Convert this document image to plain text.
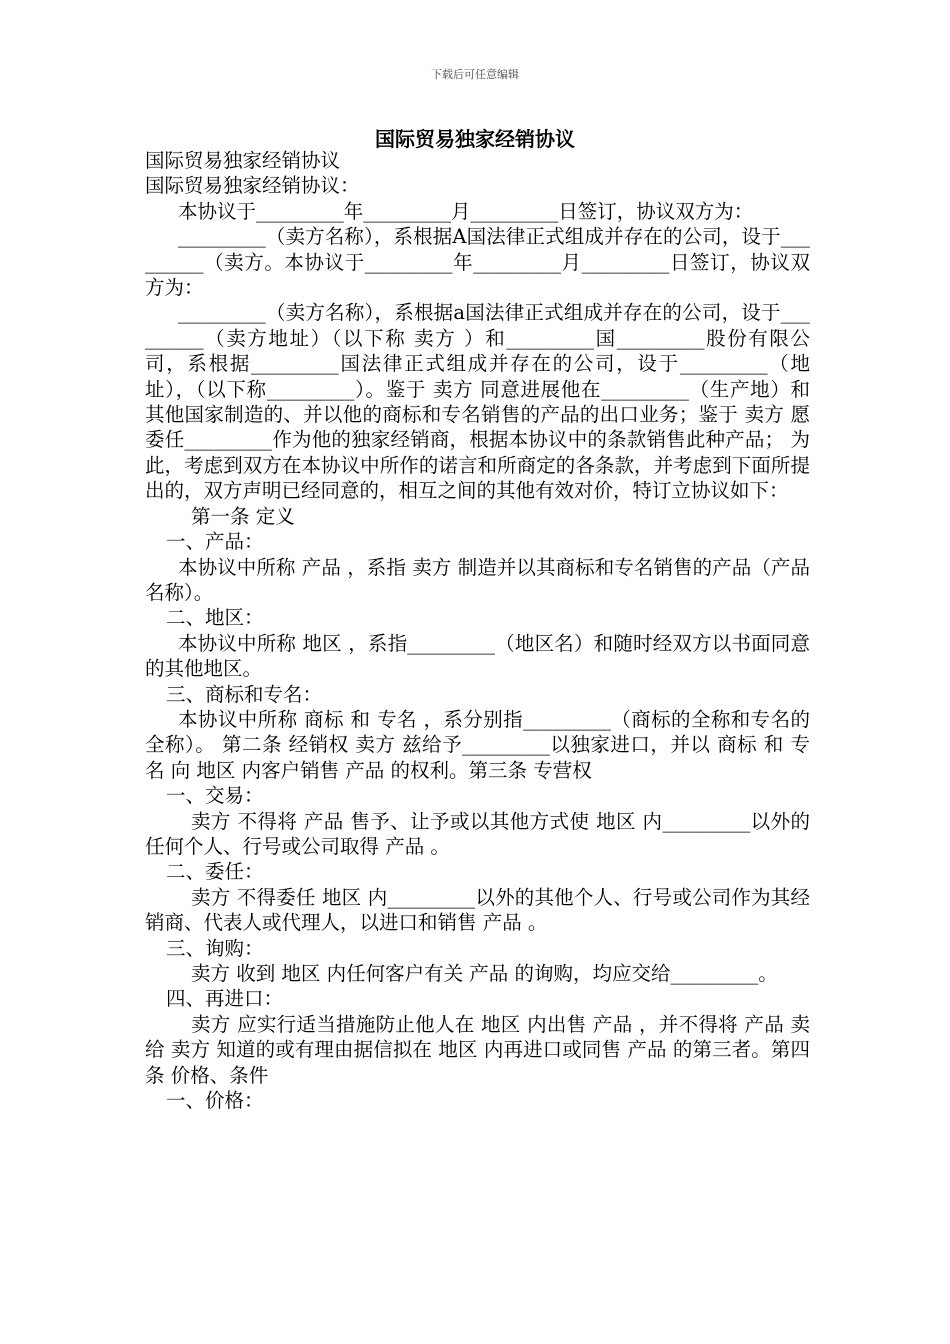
下载后可任意编辑
国际贸易独家经销协议

国际贸易独家经销协议

国际贸易独家经销协议：

本协议于_________年_________月_________日签订，协议双方为：

_________（卖方名称），系根据A国法律正式组成并存在的公司，设于_________（卖方。本协议于_________年_________月_________日签订，协议双方为：

_________（卖方名称），系根据a国法律正式组成并存在的公司，设于_________（卖方地址）（以下称 卖方 ）和_________国_________股份有限公司，系根据_________国法律正式组成并存在的公司，设于_________（地址），（以下称_________）。鉴于 卖方 同意进展他在_________（生产地）和其他国家制造的、并以他的商标和专名销售的产品的出口业务；鉴于 卖方 愿委任_________作为他的独家经销商，根据本协议中的条款销售此种产品； 为此，考虑到双方在本协议中所作的诺言和所商定的各条款，并考虑到下面所提出的，双方声明已经同意的，相互之间的其他有效对价，特订立协议如下：

第一条 定义

一、产品：

本协议中所称 产品 ，系指 卖方 制造并以其商标和专名销售的产品（产品名称）。

二、地区：

本协议中所称 地区 ，系指_________（地区名）和随时经双方以书面同意的其他地区。

三、商标和专名：

本协议中所称 商标 和 专名 ，系分别指_________（商标的全称和专名的全称）。 第二条 经销权 卖方 兹给予_________以独家进口，并以 商标 和 专名 向 地区 内客户销售 产品 的权利。第三条 专营权

一、交易：

卖方 不得将 产品 售予、让予或以其他方式使 地区 内_________以外的任何个人、行号或公司取得 产品 。

二、委任：

卖方 不得委任 地区 内_________以外的其他个人、行号或公司作为其经销商、代表人或代理人，以进口和销售 产品 。

三、询购：

卖方 收到 地区 内任何客户有关 产品 的询购，均应交给_________。

四、再进口：

卖方 应实行适当措施防止他人在 地区 内出售 产品 ，并不得将 产品 卖给 卖方 知道的或有理由据信拟在 地区 内再进口或同售 产品 的第三者。第四条 价格、条件

一、价格：
